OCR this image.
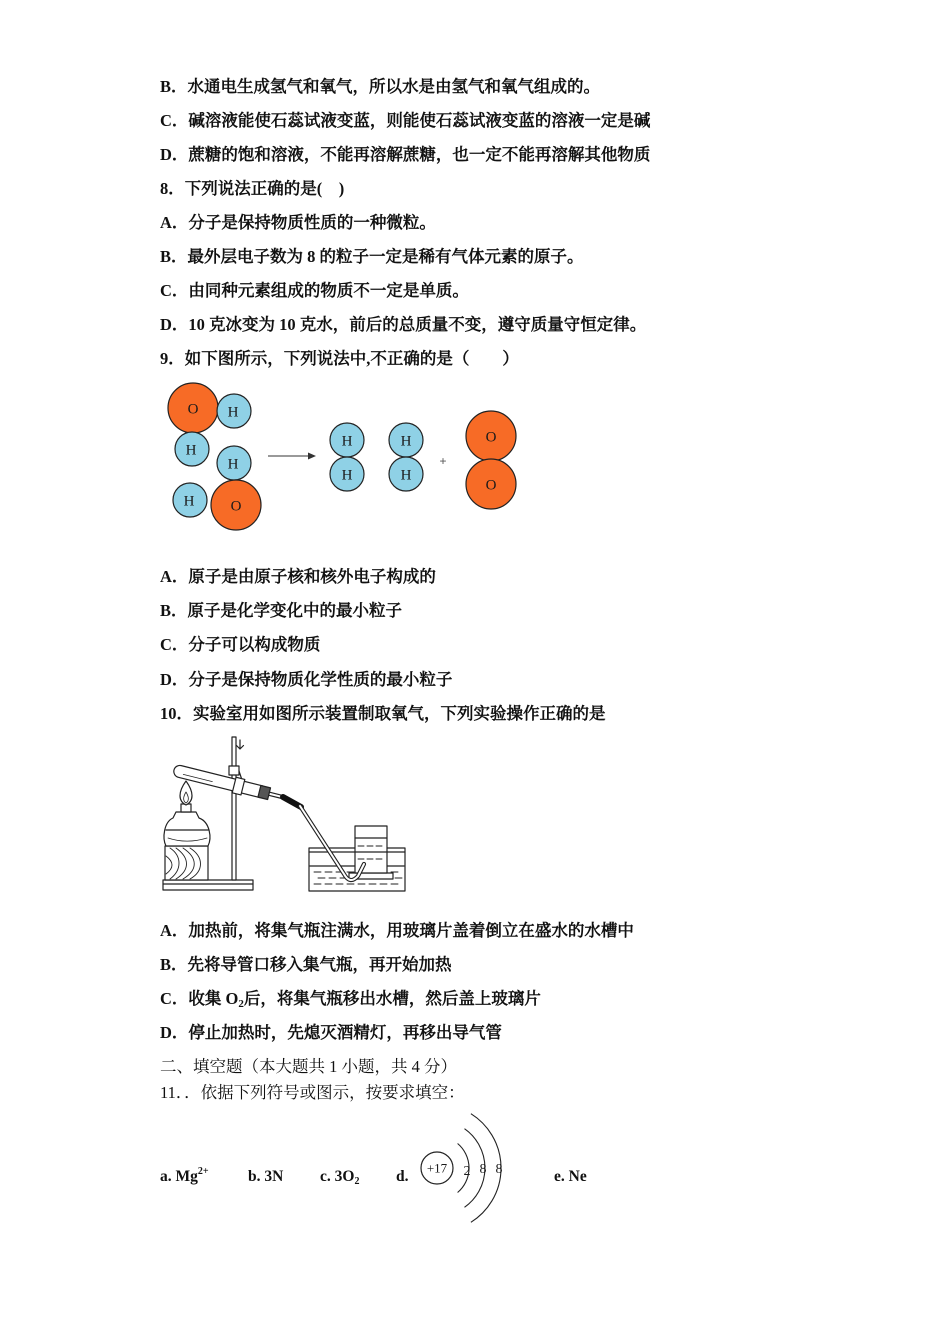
B．水通电生成氢气和氧气，所以水是由氢气和氧气组成的。
C．碱溶液能使石蕊试液变蓝，则能使石蕊试液变蓝的溶液一定是碱
D．蔗糖的饱和溶液，不能再溶解蔗糖，也一定不能再溶解其他物质
8．下列说法正确的是(    )
A．分子是保持物质性质的一种微粒。
B．最外层电子数为 8 的粒子一定是稀有气体元素的原子。
C．由同种元素组成的物质不一定是单质。
D．10 克冰变为 10 克水，前后的总质量不变，遵守质量守恒定律。
9．如下图所示，下列说法中,不正确的是（        ）
O H
H
H
H O
H
H
H
H
+
O
O
A．原子是由原子核和核外电子构成的
B．原子是化学变化中的最小粒子
C．分子可以构成物质
D．分子是保持物质化学性质的最小粒子
10．实验室用如图所示装置制取氧气，下列实验操作正确的是
A．加热前，将集气瓶注满水，用玻璃片盖着倒立在盛水的水槽中
B．先将导管口移入集气瓶，再开始加热
C．收集 $O_2$后，将集气瓶移出水槽，然后盖上玻璃片
D．停止加热时，先熄灭酒精灯，再移出导气管
二、填空题（本大题共 1 小题，共 4 分）
11．．依据下列符号或图示，按要求填空：
a. $Mg^{2+}$	b. 3N c. $3O_2$ d. +17 2 8 8	e. Ne
